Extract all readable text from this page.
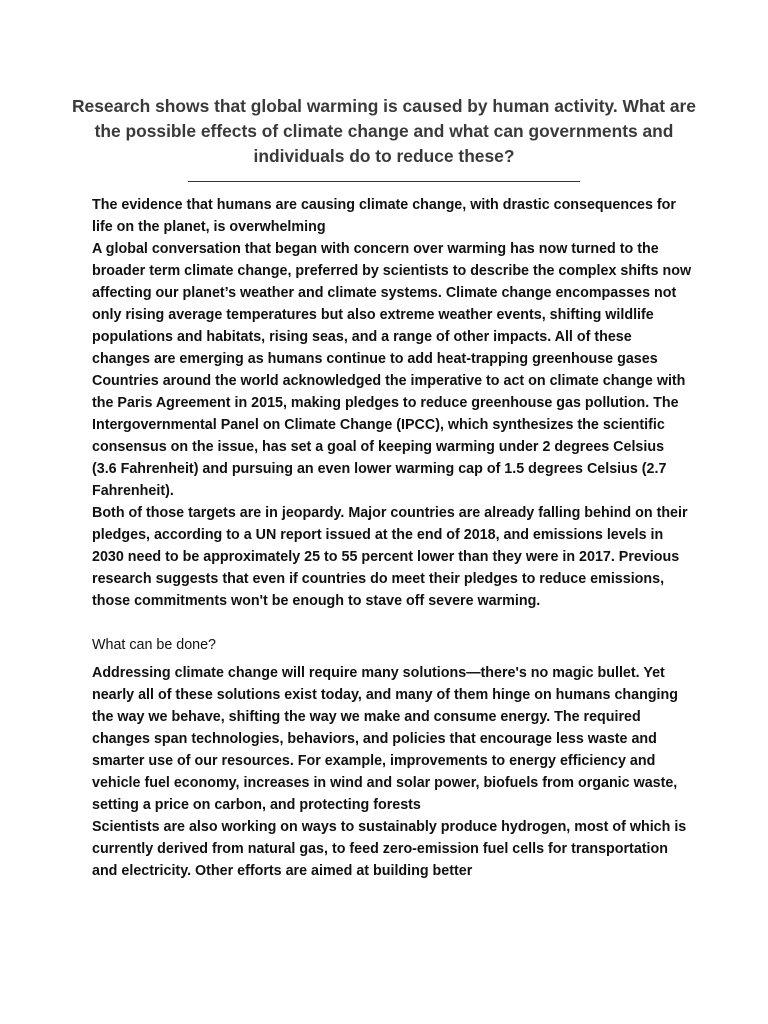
Research shows that global warming is caused by human activity. What are the possible effects of climate change and what can governments and individuals do to reduce these?
————————————————————————————

The evidence that humans are causing climate change, with drastic consequences for life on the planet, is overwhelming

A global conversation that began with concern over warming has now turned to the broader term climate change, preferred by scientists to describe the complex shifts now affecting our planet’s weather and climate systems. Climate change encompasses not only rising average temperatures but also extreme weather events, shifting wildlife populations and habitats, rising seas, and a range of other impacts. All of these changes are emerging as humans continue to add heat-trapping greenhouse gases

Countries around the world acknowledged the imperative to act on climate change with the Paris Agreement in 2015, making pledges to reduce greenhouse gas pollution. The Intergovernmental Panel on Climate Change (IPCC), which synthesizes the scientific consensus on the issue, has set a goal of keeping warming under 2 degrees Celsius (3.6 Fahrenheit) and pursuing an even lower warming cap of 1.5 degrees Celsius (2.7 Fahrenheit).

Both of those targets are in jeopardy. Major countries are already falling behind on their pledges, according to a UN report issued at the end of 2018, and emissions levels in 2030 need to be approximately 25 to 55 percent lower than they were in 2017. Previous research suggests that even if countries do meet their pledges to reduce emissions, those commitments won't be enough to stave off severe warming.

What can be done?

Addressing climate change will require many solutions—there's no magic bullet. Yet nearly all of these solutions exist today, and many of them hinge on humans changing the way we behave, shifting the way we make and consume energy. The required changes span technologies, behaviors, and policies that encourage less waste and smarter use of our resources. For example, improvements to energy efficiency and vehicle fuel economy, increases in wind and solar power, biofuels from organic waste, setting a price on carbon, and protecting forests

Scientists are also working on ways to sustainably produce hydrogen, most of which is currently derived from natural gas, to feed zero-emission fuel cells for transportation and electricity. Other efforts are aimed at building better
